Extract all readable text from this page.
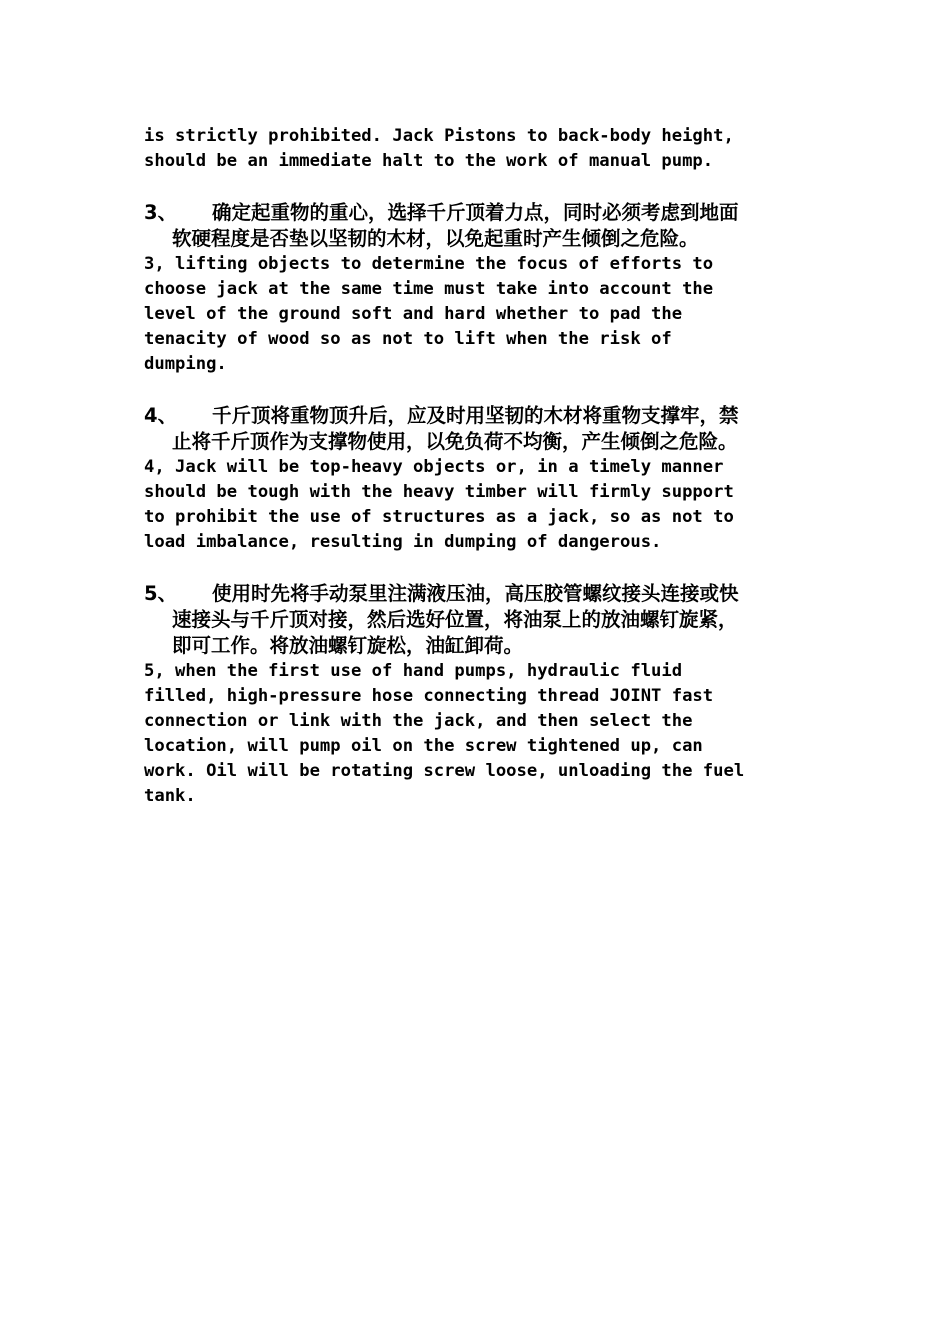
is strictly prohibited. Jack Pistons to back-body height,

should be an immediate halt to the work of manual pump.

3、	确定起重物的重心，选择千斤顶着力点，同时必须考虑到地面

软硬程度是否垫以坚韧的木材，以免起重时产生倾倒之危险。

3, lifting objects to determine the focus of efforts to

choose jack at the same time must take into account the

level of the ground soft and hard whether to pad the

tenacity of wood so as not to lift when the risk of

dumping.

4、	千斤顶将重物顶升后，应及时用坚韧的木材将重物支撑牢，禁

止将千斤顶作为支撑物使用，以免负荷不均衡，产生倾倒之危险。

4, Jack will be top-heavy objects or, in a timely manner

should be tough with the heavy timber will firmly support

to prohibit the use of structures as a jack, so as not to

load imbalance, resulting in dumping of dangerous.

5、	使用时先将手动泵里注满液压油，高压胶管螺纹接头连接或快

速接头与千斤顶对接，然后选好位置，将油泵上的放油螺钉旋紧，

即可工作。将放油螺钉旋松，油缸卸荷。

5, when the first use of hand pumps, hydraulic fluid

filled, high-pressure hose connecting thread JOINT fast

connection or link with the jack, and then select the

location, will pump oil on the screw tightened up, can

work. Oil will be rotating screw loose, unloading the fuel

tank.
